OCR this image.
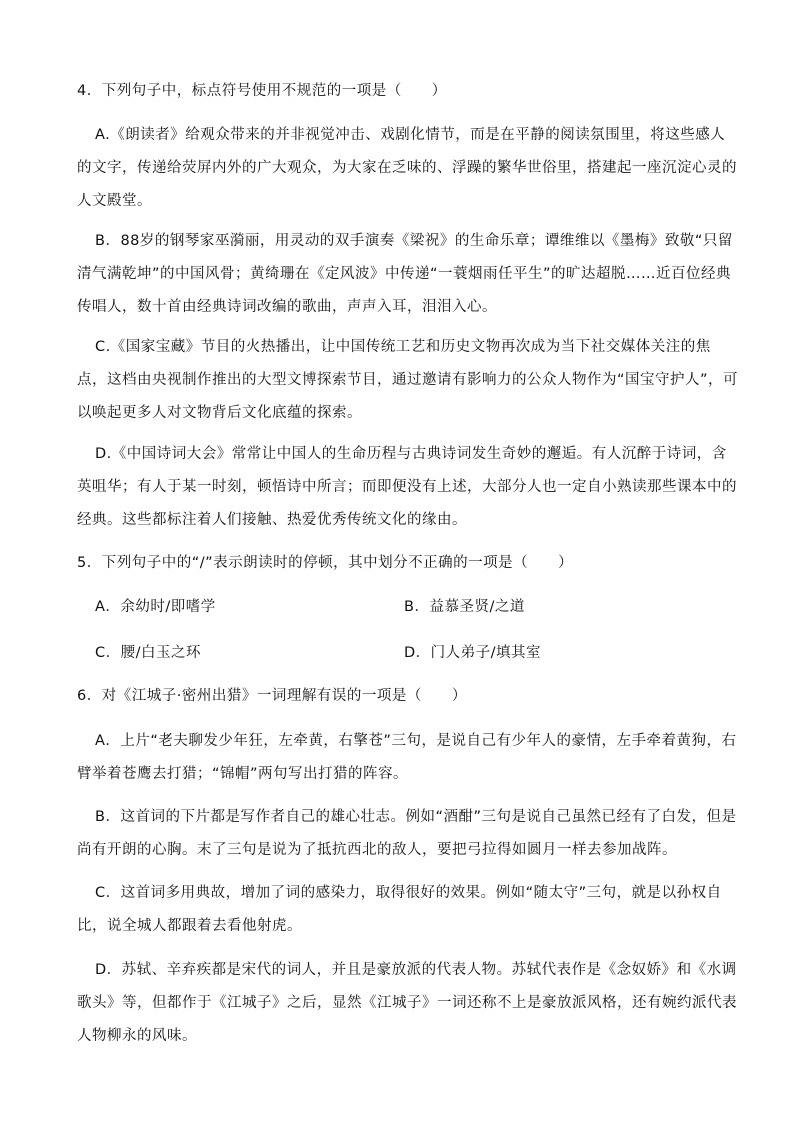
4．下列句子中，标点符号使用不规范的一项是（　　）
A.《朗读者》给观众带来的并非视觉冲击、戏剧化情节，而是在平静的阅读氛围里，将这些感人的文字，传递给荧屏内外的广大观众，为大家在乏味的、浮躁的繁华世俗里，搭建起一座沉淀心灵的人文殿堂。
B．88岁的钢琴家巫漪丽，用灵动的双手演奏《梁祝》的生命乐章；谭维维以《墨梅》致敬“只留清气满乾坤”的中国风骨；黄绮珊在《定风波》中传递“一蓑烟雨任平生”的旷达超脱……近百位经典传唱人，数十首由经典诗词改编的歌曲，声声入耳，泪泪入心。
C.《国家宝藏》节目的火热播出，让中国传统工艺和历史文物再次成为当下社交媒体关注的焦点，这档由央视制作推出的大型文博探索节目，通过邀请有影响力的公众人物作为“国宝守护人”，可以唤起更多人对文物背后文化底蕴的探索。
D.《中国诗词大会》常常让中国人的生命历程与古典诗词发生奇妙的邂逅。有人沉醉于诗词，含英咀华；有人于某一时刻，顿悟诗中所言；而即便没有上述，大部分人也一定自小熟读那些课本中的经典。这些都标注着人们接触、热爱优秀传统文化的缘由。
5．下列句子中的“/”表示朗读时的停顿，其中划分不正确的一项是（　　）
A．余幼时/即嗜学	B．益慕圣贤/之道
C．腰/白玉之环	D．门人弟子/填其室
6．对《江城子·密州出猎》一词理解有误的一项是（　　）
A．上片“老夫聊发少年狂，左牵黄，右擎苍”三句，是说自己有少年人的豪情，左手牵着黄狗，右臂举着苍鹰去打猎；“锦帽”两句写出打猎的阵容。
B．这首词的下片都是写作者自己的雄心壮志。例如“酒酣”三句是说自己虽然已经有了白发，但是尚有开朗的心胸。末了三句是说为了抵抗西北的敌人，要把弓拉得如圆月一样去参加战阵。
C．这首词多用典故，增加了词的感染力，取得很好的效果。例如“随太守”三句，就是以孙权自比，说全城人都跟着去看他射虎。
D．苏轼、辛弃疾都是宋代的词人，并且是豪放派的代表人物。苏轼代表作是《念奴娇》和《水调歌头》等，但都作于《江城子》之后，显然《江城子》一词还称不上是豪放派风格，还有婉约派代表人物柳永的风味。
